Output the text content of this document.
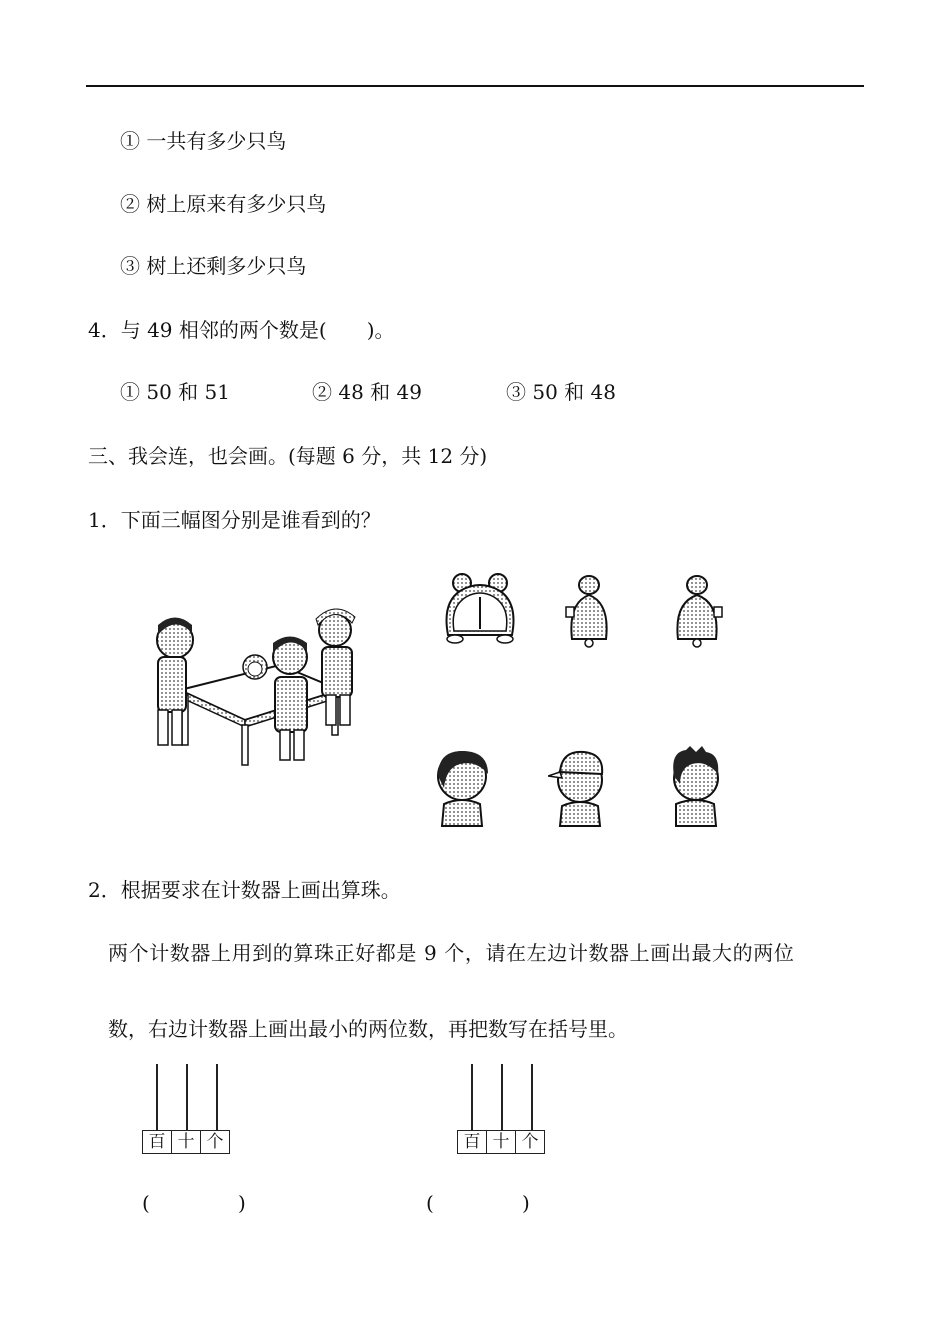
① 一共有多少只鸟
② 树上原来有多少只鸟
③ 树上还剩多少只鸟
4．与 49 相邻的两个数是(　　)。
① 50 和 51	② 48 和 49	③ 50 和 48
三、我会连，也会画。(每题 6 分，共 12 分)
1．下面三幅图分别是谁看到的？
2．根据要求在计数器上画出算珠。
两个计数器上用到的算珠正好都是 9 个，请在左边计数器上画出最大的两位
数，右边计数器上画出最小的两位数，再把数写在括号里。
百 十 个	百 十 个
(	)	(	)
